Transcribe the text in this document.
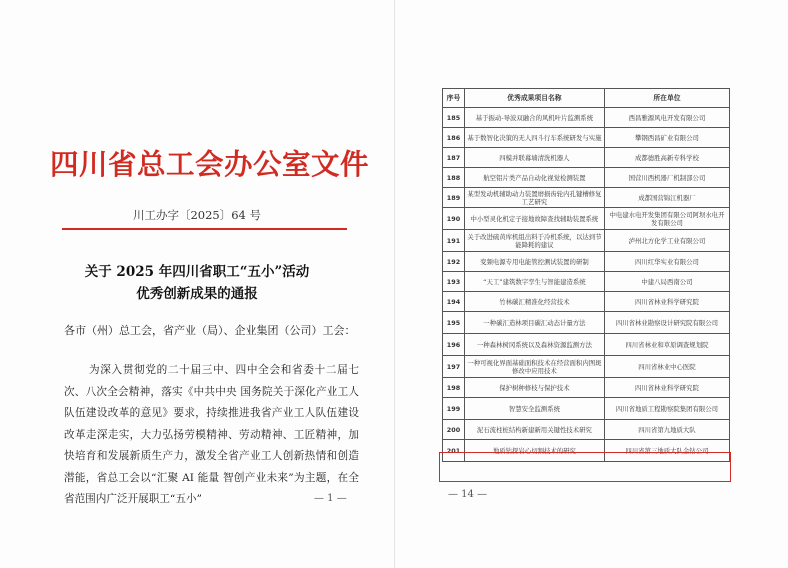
四川省总工会办公室文件
川工办字〔2025〕64 号
关于 2025 年四川省职工“五小”活动
优秀创新成果的通报
各市（州）总工会，省产业（局）、企业集团（公司）工会：
为深入贯彻党的二十届三中、四中全会和省委十二届七次、八次全会精神，落实《中共中央 国务院关于深化产业工人队伍建设改革的意见》要求，持续推进我省产业工人队伍建设改革走深走实，大力弘扬劳模精神、劳动精神、工匠精神，加快培育和发展新质生产力，激发全省产业工人创新热情和创造潜能，省总工会以“汇聚 AI 能量 智创产业未来”为主题，在全省范围内广泛开展职工“五小”	— 1 —
序号	优秀成果项目名称	所在单位
185	基于振动-导波双融合的风机叶片监测系统	西昌雅源风电开发有限公司
186	基于数智化决策的无人四斗行车系统研发与实施	攀钢西昌矿业有限公司
187	四模并联幕墙清洗机器人	成都德胜高新专科学校
188	航空铝片类产品自动化视觉检测装置	国营川西机器厂机制部公司
189	某型发动机辅助动力装置磨损齿轮内孔键槽修复工艺研究	成都国营锦江机器厂
190	中小型灵化机定子接地故障查找辅助装置系统	中电建水电开发集团有限公司阿坝水电开发有限公司
191	关于改进硫黄库机组出料于冷机系统，以达到节能降耗的建议	泸州北方化学工业有限公司
192	变频电源专用电能管控测试装置的研制	四川红华实业有限公司
193	“天工”建筑数字孪生与智能建造系统	中建八局西南公司
194	竹林碳汇精准化经营技术	四川省林业科学研究院
195	一种碳汇造林项目碳汇动态计量方法	四川省林业勘察设计研究院有限公司
196	一种森林树冈系统以及森林资源监测方法	四川省林业和草原调查规划院
197	一种可视化界面基础面积技术在经营面积内图斑修改中应用技术	四川省林业中心医院
198	保护树种修枝与保护技术	四川省林业科学研究院
199	智慧安全监测系统	四川省地质工程勘察院集团有限公司
200	泥石流柱桩结构新建新用关键性技术研究	四川省第九地质大队
201	地质钻探岩心切割技术的研究	四川省第三地质大队金钻公司
— 14 —
